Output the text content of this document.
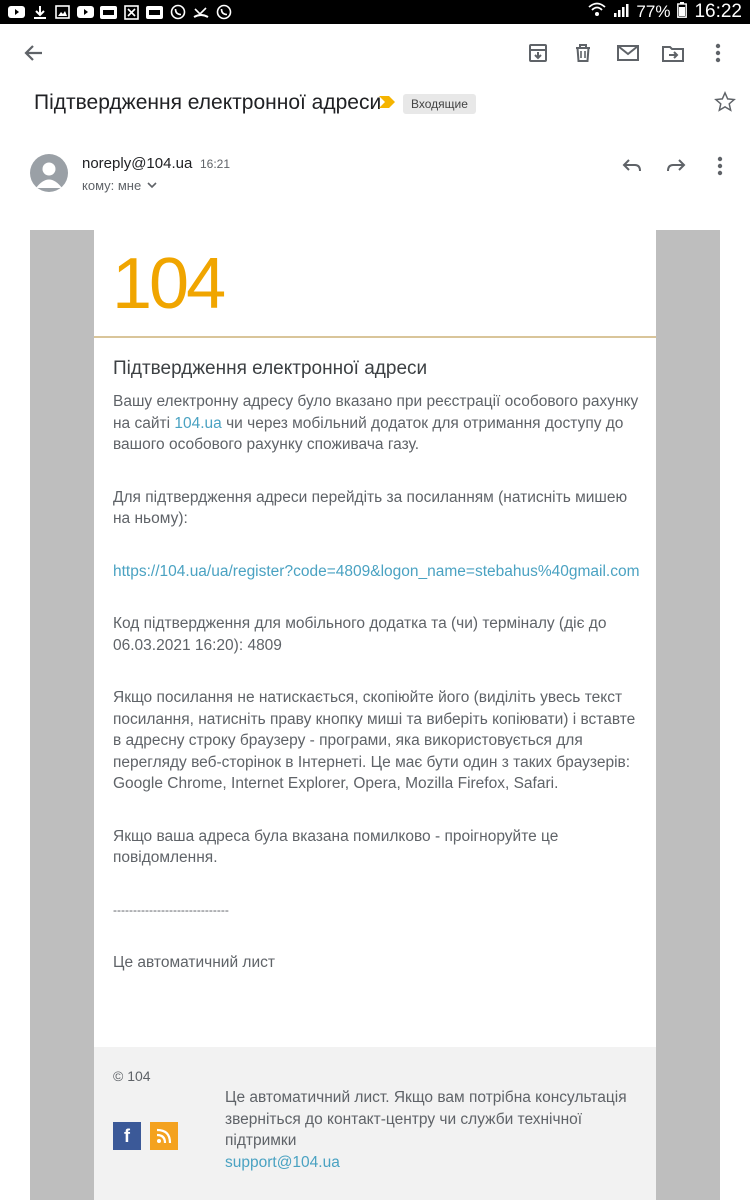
77% 16:22
Підтвердження електронної адреси	Входящие
noreply@104.ua 16:21
кому: мне
104
Підтвердження електронної адреси

Вашу електронну адресу було вказано при реєстрації особового рахунку на сайті 104.ua чи через мобільний додаток для отримання доступу до вашого особового рахунку споживача газу.

Для підтвердження адреси перейдіть за посиланням (натисніть мишею на ньому):

https://104.ua/ua/register?code=4809&logon_name=stebahus%40gmail.com

Код підтвердження для мобільного додатка та (чи) терміналу (діє до 06.03.2021 16:20): 4809

Якщо посилання не натискається, скопіюйте його (виділіть увесь текст посилання, натисніть праву кнопку миші та виберіть копіювати) і вставте в адресну строку браузеру - програми, яка використовується для перегляду веб-сторінок в Інтернеті. Це має бути один з таких браузерів: Google Chrome, Internet Explorer, Opera, Mozilla Firefox, Safari.

Якщо ваша адреса була вказана помилково - проігноруйте це повідомлення.

-----------------------------

Це автоматичний лист

© 104
f
Це автоматичний лист. Якщо вам потрібна консультація зверніться до контакт-центру чи служби технічної підтримки
support@104.ua
